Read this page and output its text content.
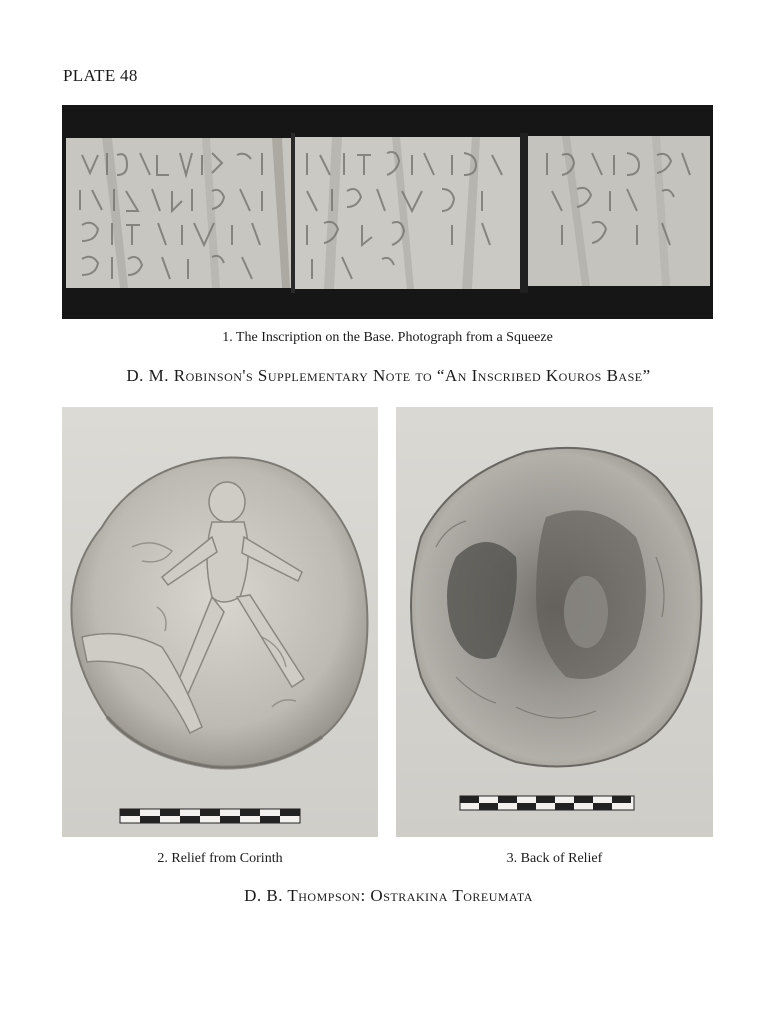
PLATE 48
1. The Inscription on the Base. Photograph from a Squeeze
D. M. Robinson's Supplementary Note to “An Inscribed Kouros Base”
2. Relief from Corinth	3. Back of Relief
D. B. Thompson: Ostrakina Toreumata
